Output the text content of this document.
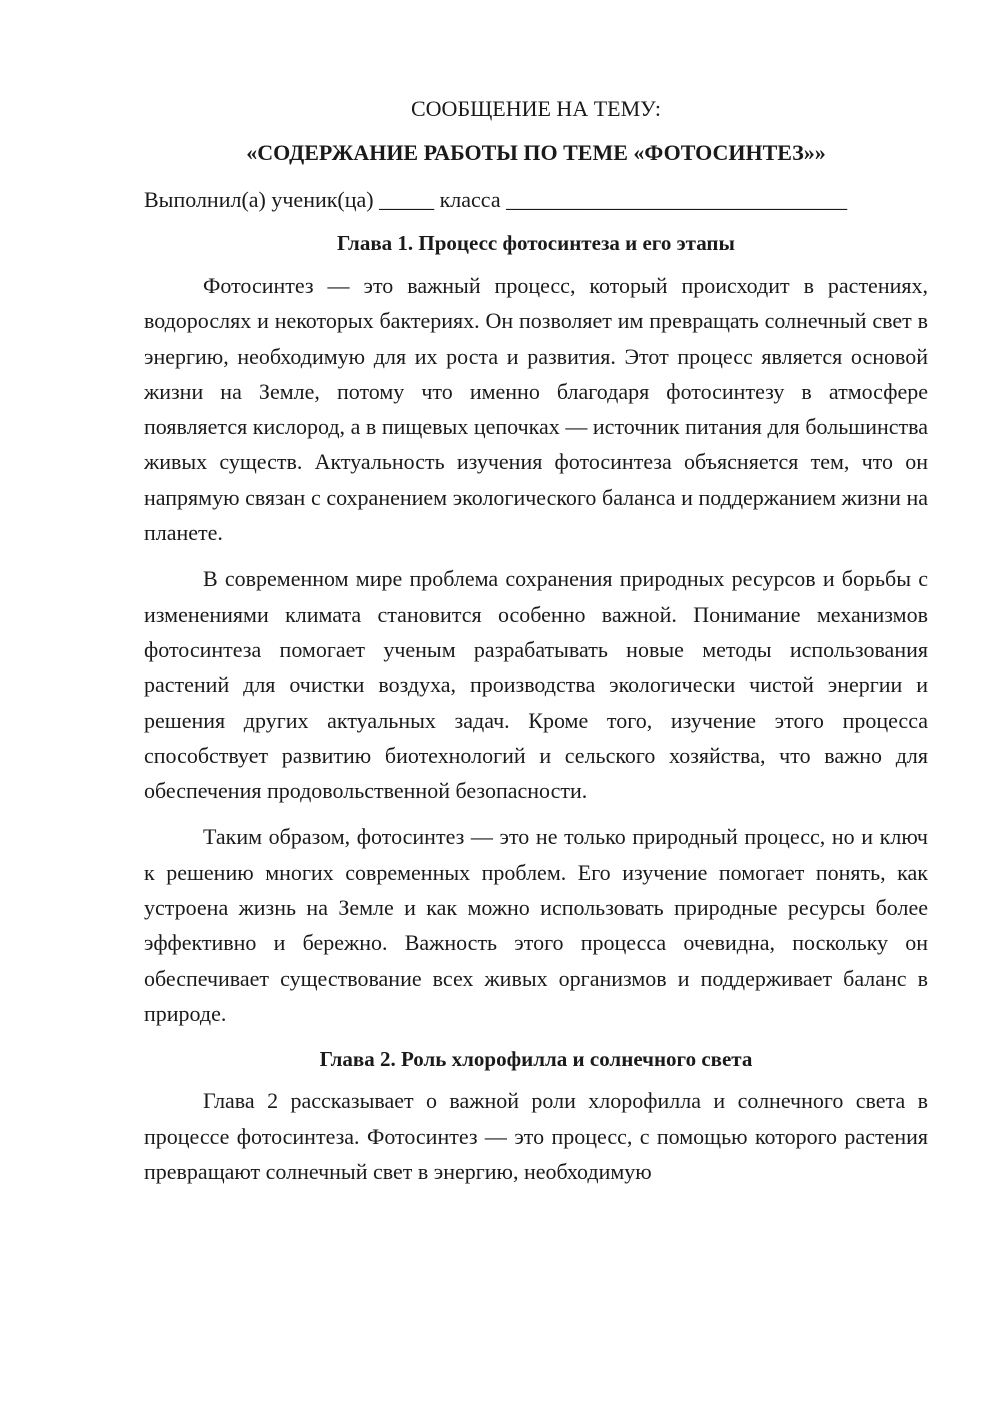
СООБЩЕНИЕ НА ТЕМУ:

«СОДЕРЖАНИЕ РАБОТЫ ПО ТЕМЕ «ФОТОСИНТЕЗ»»

Выполнил(а) ученик(ца) _____ класса _______________________________

Глава 1. Процесс фотосинтеза и его этапы

Фотосинтез — это важный процесс, который происходит в растениях, водорослях и некоторых бактериях. Он позволяет им превращать солнечный свет в энергию, необходимую для их роста и развития. Этот процесс является основой жизни на Земле, потому что именно благодаря фотосинтезу в атмосфере появляется кислород, а в пищевых цепочках — источник питания для большинства живых существ. Актуальность изучения фотосинтеза объясняется тем, что он напрямую связан с сохранением экологического баланса и поддержанием жизни на планете.

В современном мире проблема сохранения природных ресурсов и борьбы с изменениями климата становится особенно важной. Понимание механизмов фотосинтеза помогает ученым разрабатывать новые методы использования растений для очистки воздуха, производства экологически чистой энергии и решения других актуальных задач. Кроме того, изучение этого процесса способствует развитию биотехнологий и сельского хозяйства, что важно для обеспечения продовольственной безопасности.

Таким образом, фотосинтез — это не только природный процесс, но и ключ к решению многих современных проблем. Его изучение помогает понять, как устроена жизнь на Земле и как можно использовать природные ресурсы более эффективно и бережно. Важность этого процесса очевидна, поскольку он обеспечивает существование всех живых организмов и поддерживает баланс в природе.

Глава 2. Роль хлорофилла и солнечного света

Глава 2 рассказывает о важной роли хлорофилла и солнечного света в процессе фотосинтеза. Фотосинтез — это процесс, с помощью которого растения превращают солнечный свет в энергию, необходимую
